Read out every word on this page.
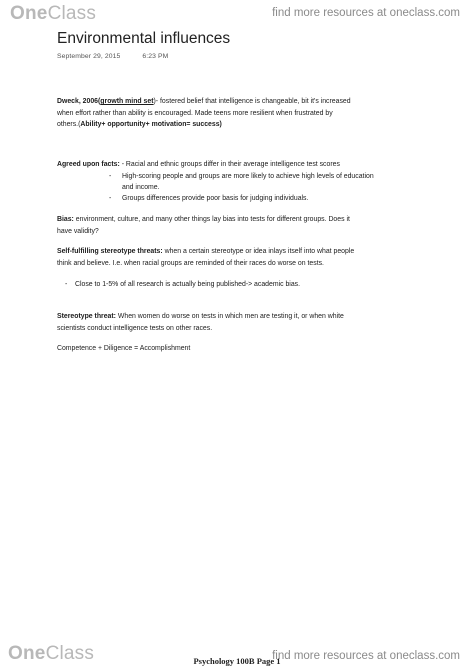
OneClass	find more resources at oneclass.com
Environmental influences
September 29, 2015	6:23 PM
Dweck, 2006(growth mind set)- fostered belief that intelligence is changeable, bit it's increased
when effort rather than ability is encouraged. Made teens more resilient when frustrated by
others.(Ability+ opportunity+ motivation= success)
Agreed upon facts: - Racial and ethnic groups differ in their average intelligence test scores
- High-scoring people and groups are more likely to achieve high levels of education
and income.
- Groups differences provide poor basis for judging individuals.
Bias: environment, culture, and many other things lay bias into tests for different groups. Does it
have validity?
Self-fulfilling stereotype threats: when a certain stereotype or idea inlays itself into what people
think and believe. I.e. when racial groups are reminded of their races do worse on tests.
- Close to 1-5% of all research is actually being published-> academic bias.
Stereotype threat: When women do worse on tests in which men are testing it, or when white
scientists conduct intelligence tests on other races.
Competence + Diligence = Accomplishment
OneClass	find more resources at oneclass.com
Psychology 100B Page 1
